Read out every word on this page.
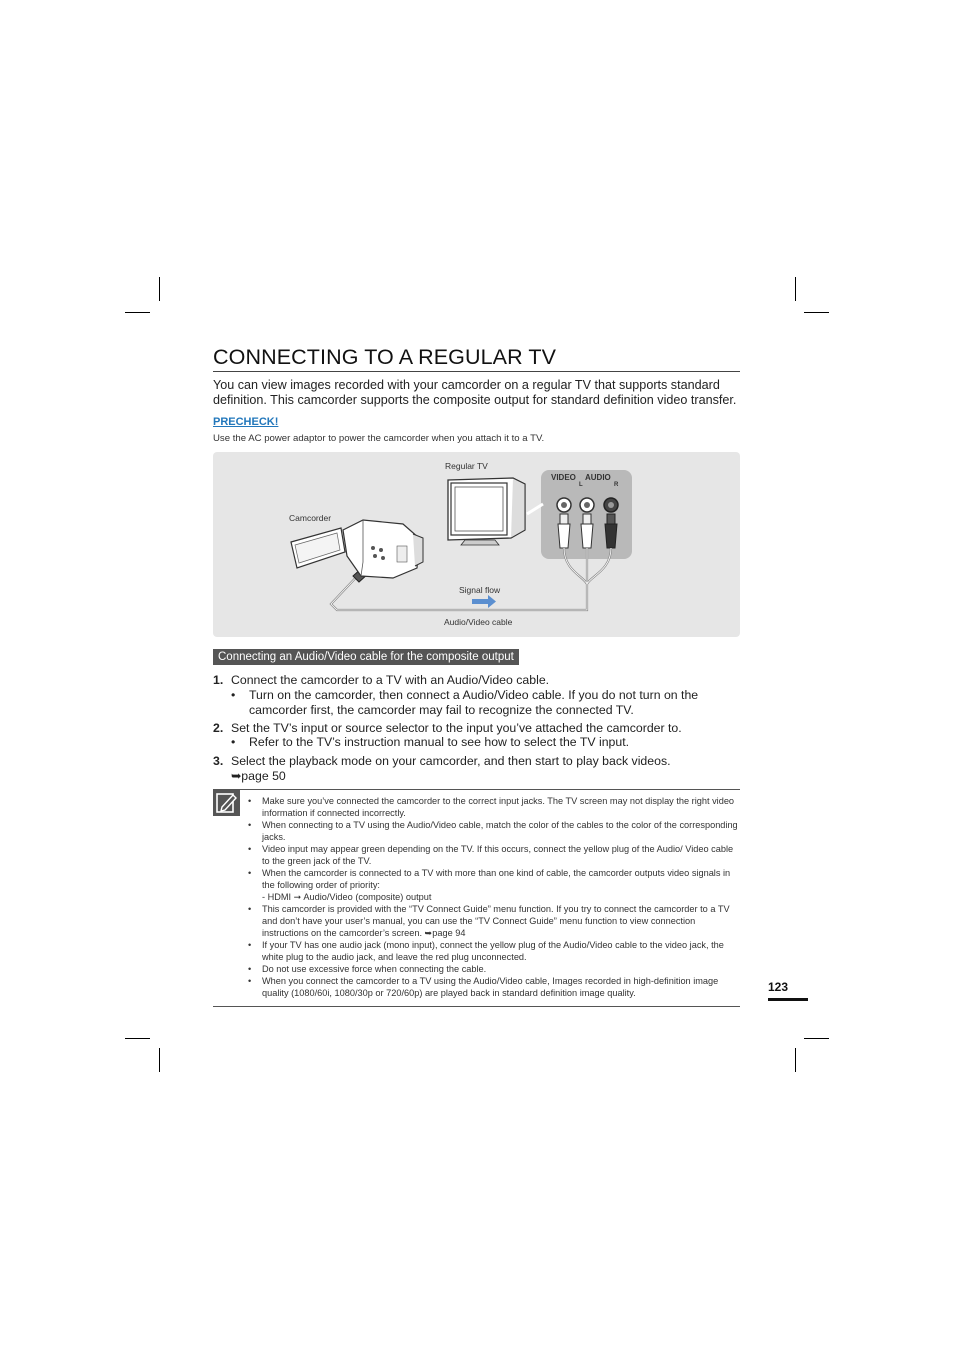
CONNECTING TO A REGULAR TV
You can view images recorded with your camcorder on a regular TV that supports standard definition. This camcorder supports the composite output for standard definition video transfer.
PRECHECK!
Use the AC power adaptor to power the camcorder when you attach it to a TV.
Regular TV
Camcorder
Signal flow
Audio/Video cable
VIDEO AUDIO
L	R
Connecting an Audio/Video cable for the composite output
1. Connect the camcorder to a TV with an Audio/Video cable.
• Turn on the camcorder, then connect a Audio/Video cable. If you do not turn on the camcorder first, the camcorder may fail to recognize the connected TV.
2. Set the TV’s input or source selector to the input you’ve attached the camcorder to.
• Refer to the TV’s instruction manual to see how to select the TV input.
3. Select the playback mode on your camcorder, and then start to play back videos.
➥page 50
• Make sure you’ve connected the camcorder to the correct input jacks. The TV screen may not display the right video information if connected incorrectly.
• When connecting to a TV using the Audio/Video cable, match the color of the cables to the color of the corresponding jacks.
• Video input may appear green depending on the TV. If this occurs, connect the yellow plug of the Audio/ Video cable to the green jack of the TV.
• When the camcorder is connected to a TV with more than one kind of cable, the camcorder outputs video signals in the following order of priority:
- HDMI ➞ Audio/Video (composite) output
• This camcorder is provided with the “TV Connect Guide” menu function. If you try to connect the camcorder to a TV and don’t have your user’s manual, you can use the “TV Connect Guide” menu function to view connection instructions on the camcorder’s screen. ➥page 94
• If your TV has one audio jack (mono input), connect the yellow plug of the Audio/Video cable to the video jack, the white plug to the audio jack, and leave the red plug unconnected.
• Do not use excessive force when connecting the cable.
• When you connect the camcorder to a TV using the Audio/Video cable, Images recorded in high-definition image quality (1080/60i, 1080/30p or 720/60p) are played back in standard definition image quality.	123
